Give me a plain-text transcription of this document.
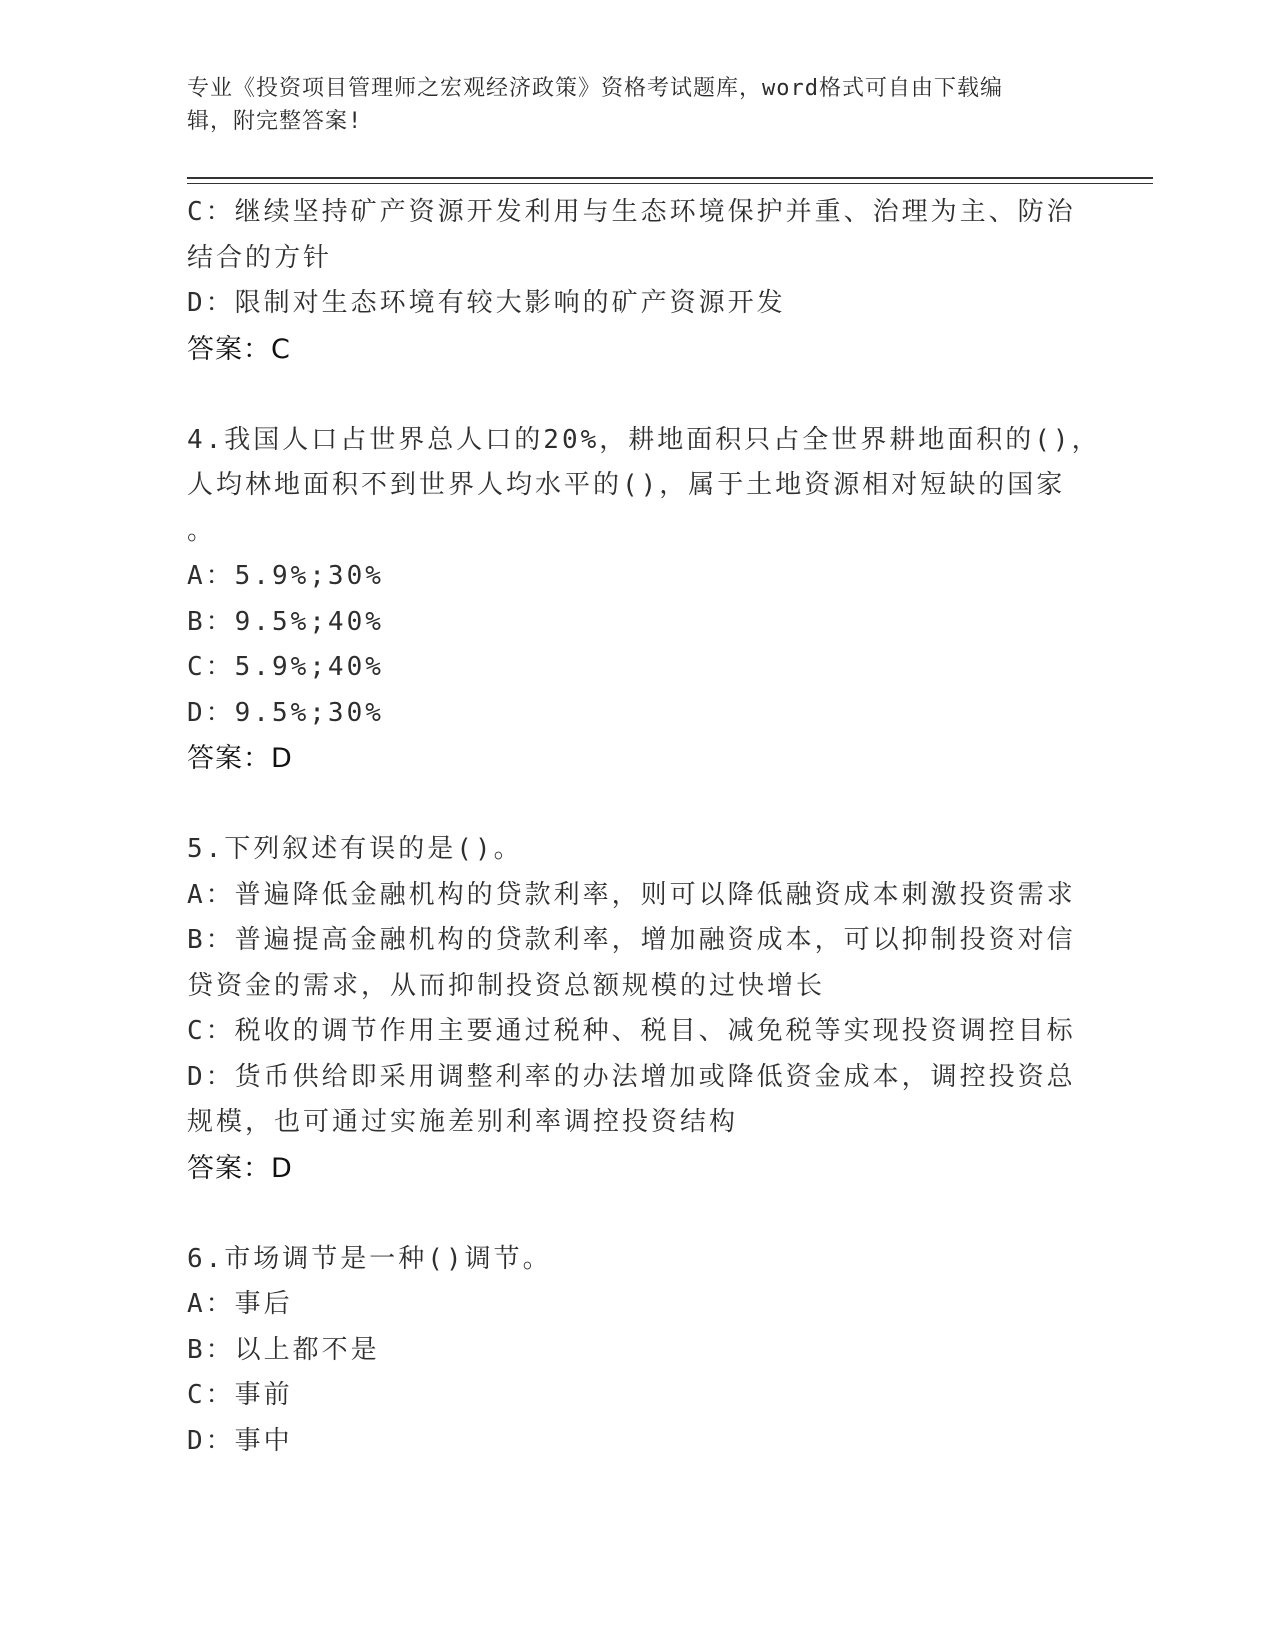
专业《投资项目管理师之宏观经济政策》资格考试题库，word格式可自由下载编
辑，附完整答案!
C：继续坚持矿产资源开发利用与生态环境保护并重、治理为主、防治
结合的方针
D：限制对生态环境有较大影响的矿产资源开发
答案：C
4.我国人口占世界总人口的20%，耕地面积只占全世界耕地面积的()，
人均林地面积不到世界人均水平的()，属于土地资源相对短缺的国家
。
A：5.9%;30%
B：9.5%;40%
C：5.9%;40%
D：9.5%;30%
答案：D
5.下列叙述有误的是()。
A：普遍降低金融机构的贷款利率，则可以降低融资成本刺激投资需求
B：普遍提高金融机构的贷款利率，增加融资成本，可以抑制投资对信
贷资金的需求，从而抑制投资总额规模的过快增长
C：税收的调节作用主要通过税种、税目、减免税等实现投资调控目标
D：货币供给即采用调整利率的办法增加或降低资金成本，调控投资总
规模，也可通过实施差别利率调控投资结构
答案：D
6.市场调节是一种()调节。
A：事后
B：以上都不是
C：事前
D：事中
